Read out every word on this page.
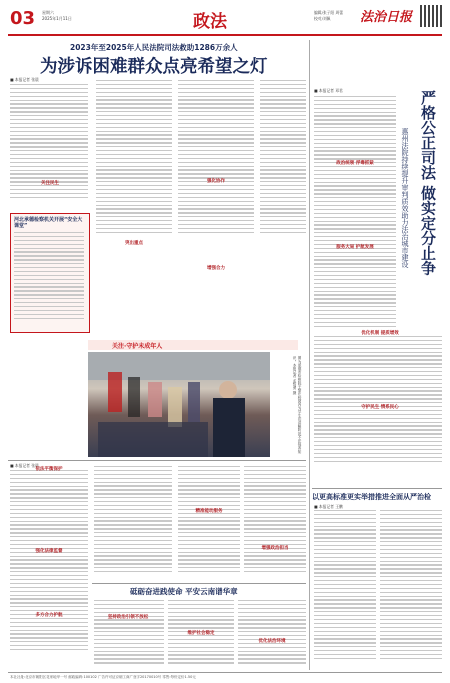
03 星期六
2025年1月11日	政法	编辑/张子阳 周蕾
校对/刘佩 法治日报
2023年至2025年人民法院司法救助1286万余人
为涉诉困难群众点亮希望之灯
■ 本报记者 张晨
关注民生
突出重点
强化协作
增强合力
河北承德检察机关开展“安全大课堂”
关注·守护未成年人
图为承德市检察院干警在校园内为学生们讲解防范不法侵害知识。本报记者 孟绍勇 摄
■ 本报记者 张晨
依法平衡保护
强化法律监督
多方合力护航
精准能动服务
增强政治担当
砥砺奋进践使命 平安云南谱华章
坚持政治引领不放松
维护社会稳定
优化法治环境
严格公正司法 做实定分止争
惠州法院持续提升审判质效助力法治城市建设
■ 本报记者 邓君
政治统领 浮毒抓紧
服务大局 护航发展
优化机制 提质增效
守护民生 情系民心
以更高标准更实举措推进全面从严治检
■ 本报记者 王鹏
本社社址:北京市朝阳区花家地甲一号 邮政编码:100102 广告许可证京朝工商广登字20170010号 零售:每份定价1.50元
